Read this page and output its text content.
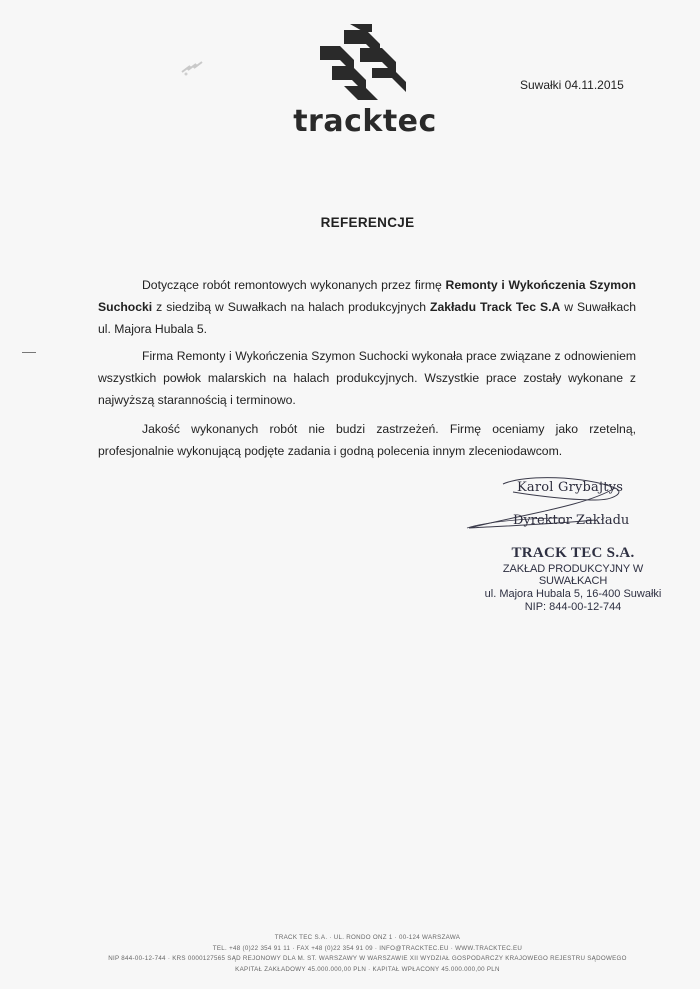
tracktec
Suwałki 04.11.2015
REFERENCJE

Dotyczące robót remontowych wykonanych przez firmę Remonty i Wykończenia Szymon Suchocki z siedzibą w Suwałkach na halach produkcyjnych Zakładu Track Tec S.A w Suwałkach ul. Majora Hubala 5.

Firma Remonty i Wykończenia Szymon Suchocki wykonała prace związane z odnowieniem wszystkich powłok malarskich na halach produkcyjnych. Wszystkie prace zostały wykonane z najwyższą starannością i terminowo.

Jakość wykonanych robót nie budzi zastrzeżeń. Firmę oceniamy jako rzetelną, profesjonalnie wykonującą podjęte zadania i godną polecenia innym zleceniodawcom.

Karol Grybajtys
Dyrektor Zakładu
TRACK TEC S.A.
ZAKŁAD PRODUKCYJNY W SUWAŁKACH
ul. Majora Hubala 5, 16-400 Suwałki
NIP: 844-00-12-744
TRACK TEC S.A. · UL. RONDO ONZ 1 · 00-124 WARSZAWA
TEL. +48 (0)22 354 91 11 · FAX +48 (0)22 354 91 09 · INFO@TRACKTEC.EU · WWW.TRACKTEC.EU
NIP 844-00-12-744 · KRS 0000127565 SĄD REJONOWY DLA M. ST. WARSZAWY W WARSZAWIE XII WYDZIAŁ GOSPODARCZY KRAJOWEGO REJESTRU SĄDOWEGO
KAPITAŁ ZAKŁADOWY 45.000.000,00 PLN · KAPITAŁ WPŁACONY 45.000.000,00 PLN
